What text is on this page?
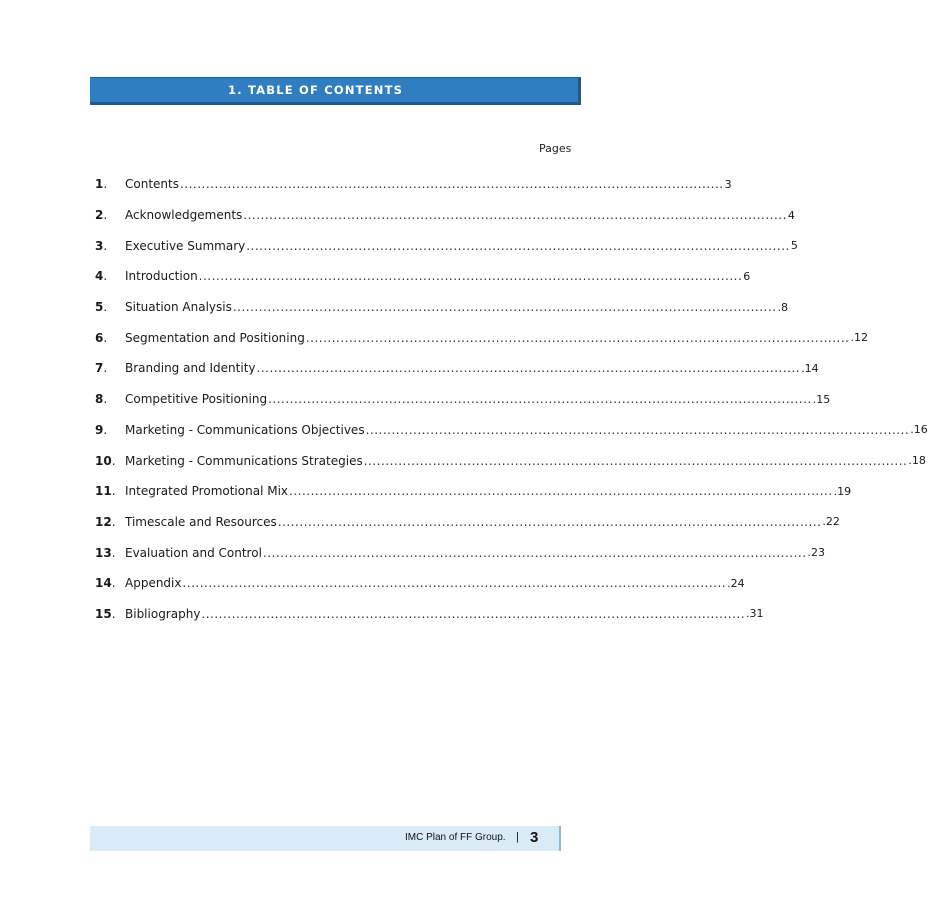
1. TABLE OF CONTENTS
Pages
1.	Contents .............................................................................................................................. 3
2.	Acknowledgements .............................................................................................................................. 4
3.	Executive Summary .............................................................................................................................. 5
4.	Introduction .............................................................................................................................. 6
5.	Situation Analysis .............................................................................................................................. .8
6.	Segmentation and Positioning .............................................................................................................................. .12
7.	Branding and Identity .............................................................................................................................. .14
8.	Competitive Positioning .............................................................................................................................. .15
9.	Marketing - Communications Objectives .............................................................................................................................. .16
10. Marketing - Communications Strategies .............................................................................................................................. .18
11. Integrated Promotional Mix .............................................................................................................................. .19
12. Timescale and Resources .............................................................................................................................. .22
13. Evaluation and Control .............................................................................................................................. .23
14. Appendix .............................................................................................................................. .24
15. Bibliography .............................................................................................................................. .31
IMC Plan of FF Group. | 3
